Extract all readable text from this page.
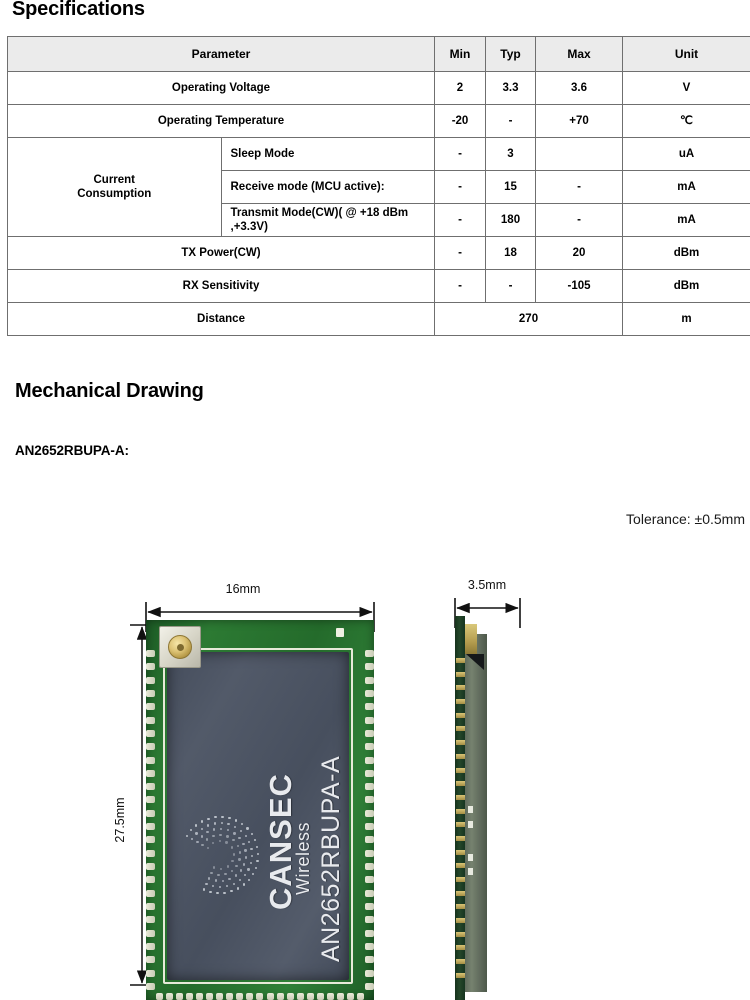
Specifications
Parameter		Min	Typ	Max	Unit
Operating Voltage		2	3.3	3.6	V
Operating Temperature		-20	-	+70	℃
Current
Consumption	Sleep Mode	-	3		uA
	Receive mode (MCU active):	-	15	-	mA
	Transmit Mode(CW)( @ +18 dBm ,+3.3V)	-	180	-	mA
TX Power(CW)		-	18	20	dBm
RX Sensitivity		-	-	-105	dBm
Distance		270			m
Mechanical Drawing
AN2652RBUPA-A:
Tolerance: ±0.5mm
16mm
27.5mm
3.5mm
CANSEC
Wireless AN2652RBUPA-A
